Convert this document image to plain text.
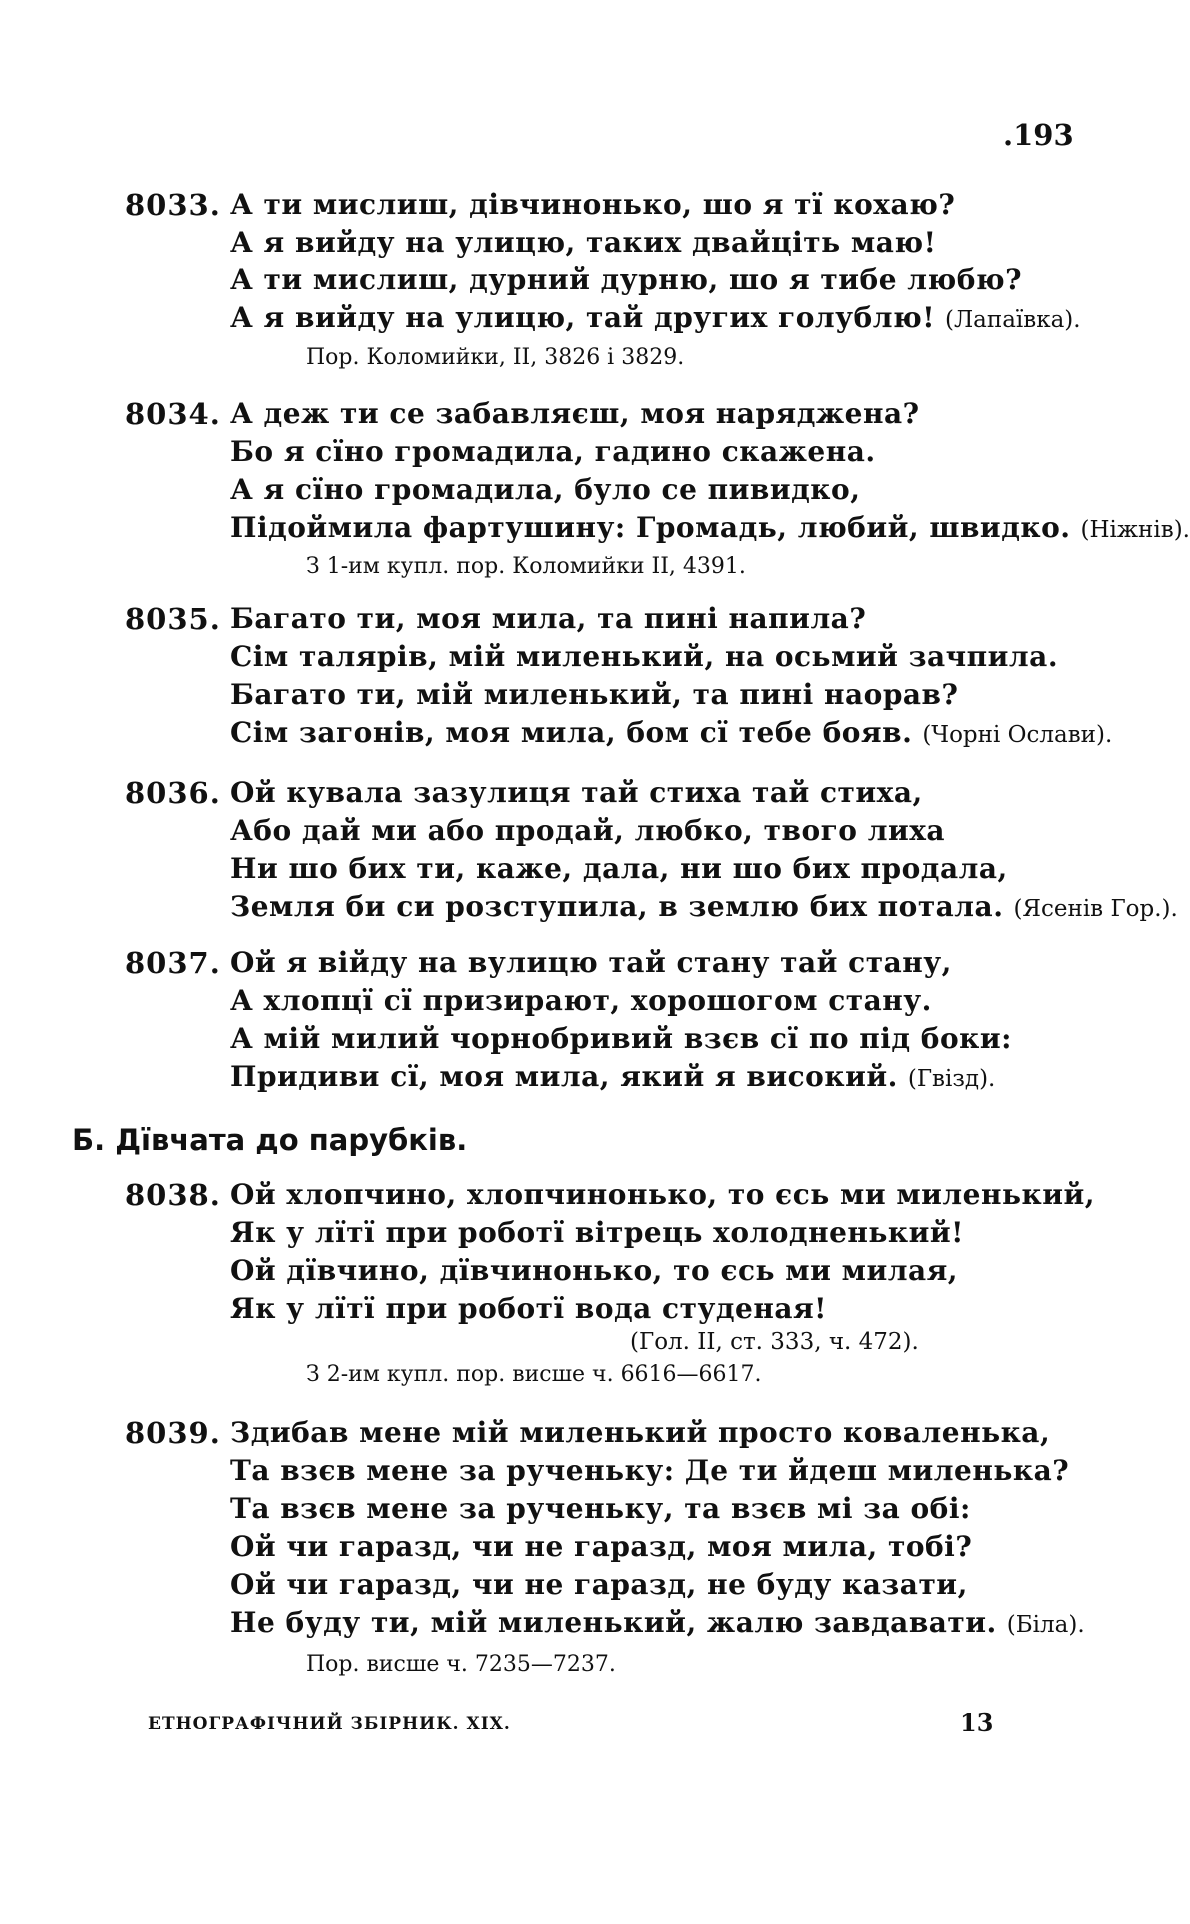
.193
8033. А ти мислиш, дівчинонько, шо я тї кохаю?
А я вийду на улицю, таких двайціть маю!
А ти мислиш, дурний дурню, шо я тибе любю?
А я вийду на улицю, тай других голублю! (Лапаївка).
Пор. Коломийки, II, 3826 і 3829.
8034. А деж ти се забавляєш, моя наряджена?
Бо я сїно громадила, гадино скажена.
А я сїно громадила, було се пивидко,
Підоймила фартушину: Громадь, любий, швидко. (Ніжнів).
З 1-им купл. пор. Коломийки II, 4391.
8035. Багато ти, моя мила, та пині напила?
Сім талярів, мій миленький, на осьмий зачпила.
Багато ти, мій миленький, та пині наорав?
Сім загонів, моя мила, бом сї тебе бояв. (Чорні Ослави).
8036. Ой кувала зазулиця тай стиха тай стиха,
Або дай ми або продай, любко, твого лиха
Ни шо бих ти, каже, дала, ни шо бих продала,
Земля би си розступила, в землю бих потала. (Ясенів Гор.).
8037. Ой я війду на вулицю тай стану тай стану,
А хлопцї сї призирают, хорошогом стану.
А мій милий чорнобривий взєв сї по під боки:
Придиви сї, моя мила, який я високий. (Гвізд).
Б. Дївчата до парубків.
8038. Ой хлопчино, хлопчинонько, то єсь ми миленький,
Як у лїтї при роботї вітрець холодненький!
Ой дївчино, дївчинонько, то єсь ми милая,
Як у лїтї при роботї вода студеная!
(Гол. II, ст. 333, ч. 472).
З 2-им купл. пор. висше ч. 6616—6617.
8039. Здибав мене мій миленький просто коваленька,
Та взєв мене за рученьку: Де ти йдеш миленька?
Та взєв мене за рученьку, та взєв мі за обі:
Ой чи гаразд, чи не гаразд, моя мила, тобі?
Ой чи гаразд, чи не гаразд, не буду казати,
Не буду ти, мій миленький, жалю завдавати. (Біла).
Пор. висше ч. 7235—7237.
ЕТНОГРАФІЧНИЙ ЗБІРНИК. XIX.	13
